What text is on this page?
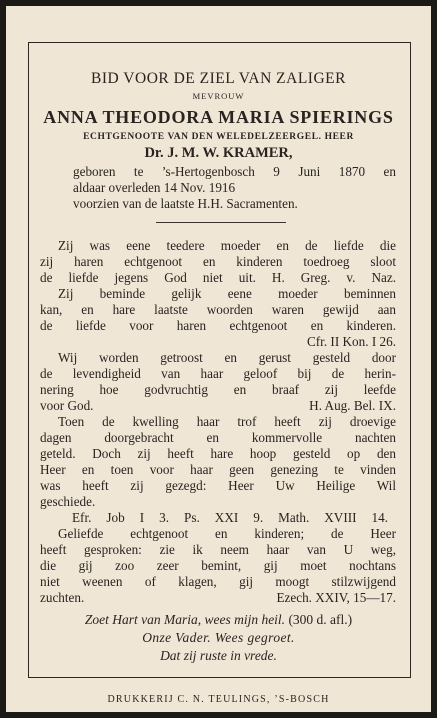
BID VOOR DE ZIEL VAN ZALIGER
MEVROUW
ANNA THEODORA MARIA SPIERINGS
ECHTGENOOTE VAN DEN WELEDELZEERGEL. HEER
Dr. J. M. W. KRAMER,
geboren te ’s-Hertogenbosch 9 Juni 1870 en
aldaar overleden 14 Nov. 1916
voorzien van de laatste H.H. Sacramenten.
Zij was eene teedere moeder en de liefde die
zij haren echtgenoot en kinderen toedroeg sloot
de liefde jegens God niet uit. H. Greg. v. Naz.
Zij beminde gelijk eene moeder beminnen
kan, en hare laatste woorden waren gewijd aan
de liefde voor haren echtgenoot en kinderen.
Cfr. II Kon. I 26.
Wij worden getroost en gerust gesteld door
de levendigheid van haar geloof bij de herin-
nering hoe godvruchtig en braaf zij leefde
voor God.	H. Aug. Bel. IX.
Toen de kwelling haar trof heeft zij droevige
dagen doorgebracht en kommervolle nachten
geteld. Doch zij heeft hare hoop gesteld op den
Heer en toen voor haar geen genezing te vinden
was heeft zij gezegd: Heer Uw Heilige Wil
geschiede.
Efr. Job I 3. Ps. XXI 9. Math. XVIII 14.
Geliefde echtgenoot en kinderen; de Heer
heeft gesproken: zie ik neem haar van U weg,
die gij zoo zeer bemint, gij moet nochtans
niet weenen of klagen, gij moogt stilzwijgend
zuchten.	Ezech. XXIV, 15—17.
Zoet Hart van Maria, wees mijn heil. (300 d. afl.)
Onze Vader. Wees gegroet.
Dat zij ruste in vrede.
DRUKKERIJ C. N. TEULINGS, ’S-BOSCH
